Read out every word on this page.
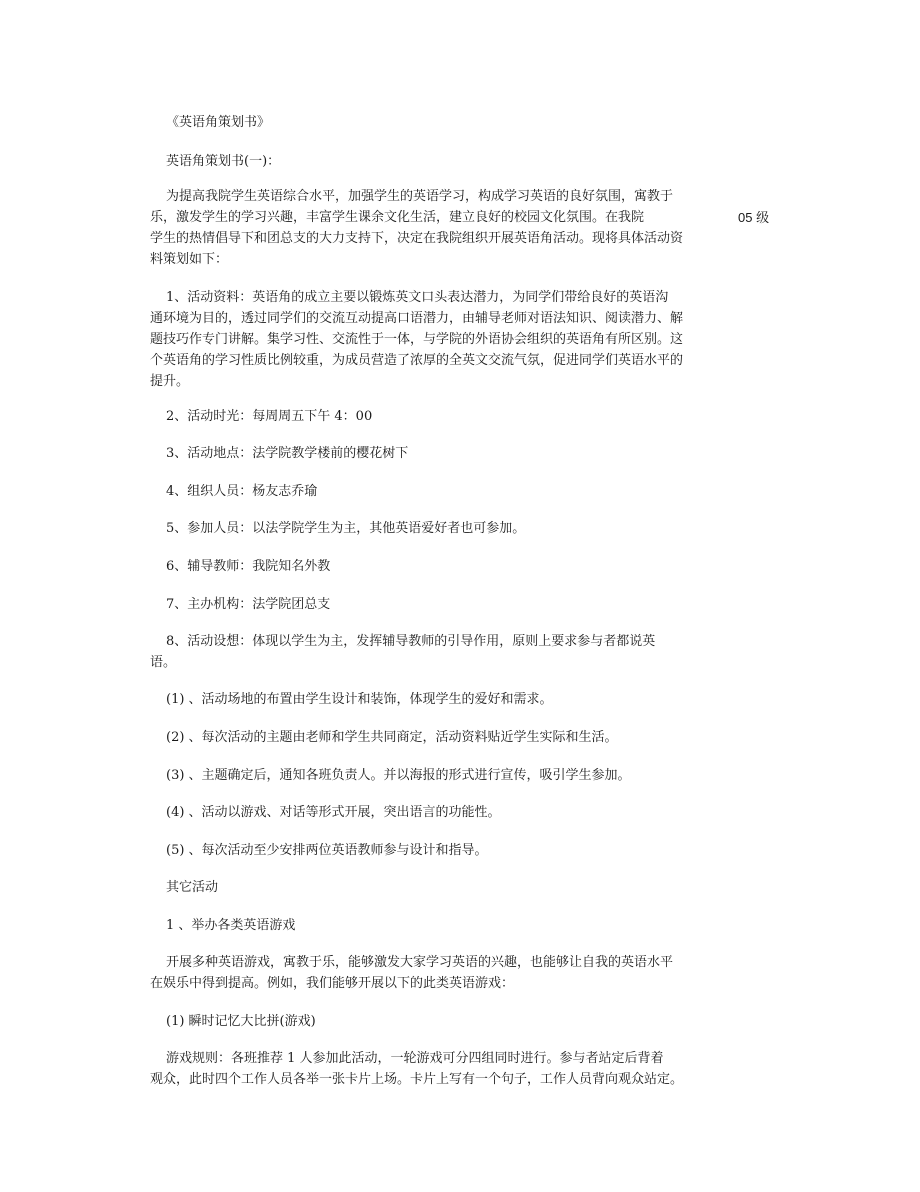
《英语角策划书》

英语角策划书(一)：

为提高我院学生英语综合水平，加强学生的英语学习，构成学习英语的良好氛围，寓教于
乐，激发学生的学习兴趣，丰富学生课余文化生活，建立良好的校园文化氛围。在我院
学生的热情倡导下和团总支的大力支持下，决定在我院组织开展英语角活动。现将具体活动资
料策划如下：
05 级
1、活动资料：英语角的成立主要以锻炼英文口头表达潜力，为同学们带给良好的英语沟
通环境为目的，透过同学们的交流互动提高口语潜力，由辅导老师对语法知识、阅读潜力、解
题技巧作专门讲解。集学习性、交流性于一体，与学院的外语协会组织的英语角有所区别。这
个英语角的学习性质比例较重，为成员营造了浓厚的全英文交流气氛，促进同学们英语水平的
提升。

2、活动时光：每周周五下午 4：00

3、活动地点：法学院教学楼前的樱花树下

4、组织人员：杨友志乔瑜

5、参加人员：以法学院学生为主，其他英语爱好者也可参加。

6、辅导教师：我院知名外教

7、主办机构：法学院团总支

8、活动设想：体现以学生为主，发挥辅导教师的引导作用，原则上要求参与者都说英
语。

(1) 、活动场地的布置由学生设计和装饰，体现学生的爱好和需求。

(2) 、每次活动的主题由老师和学生共同商定，活动资料贴近学生实际和生活。

(3) 、主题确定后，通知各班负责人。并以海报的形式进行宣传，吸引学生参加。

(4) 、活动以游戏、对话等形式开展，突出语言的功能性。

(5) 、每次活动至少安排两位英语教师参与设计和指导。

其它活动

1 、举办各类英语游戏

开展多种英语游戏，寓教于乐，能够激发大家学习英语的兴趣，也能够让自我的英语水平
在娱乐中得到提高。例如，我们能够开展以下的此类英语游戏：

(1) 瞬时记忆大比拼(游戏)

游戏规则：各班推荐 1 人参加此活动，一轮游戏可分四组同时进行。参与者站定后背着
观众，此时四个工作人员各举一张卡片上场。卡片上写有一个句子，工作人员背向观众站定。
